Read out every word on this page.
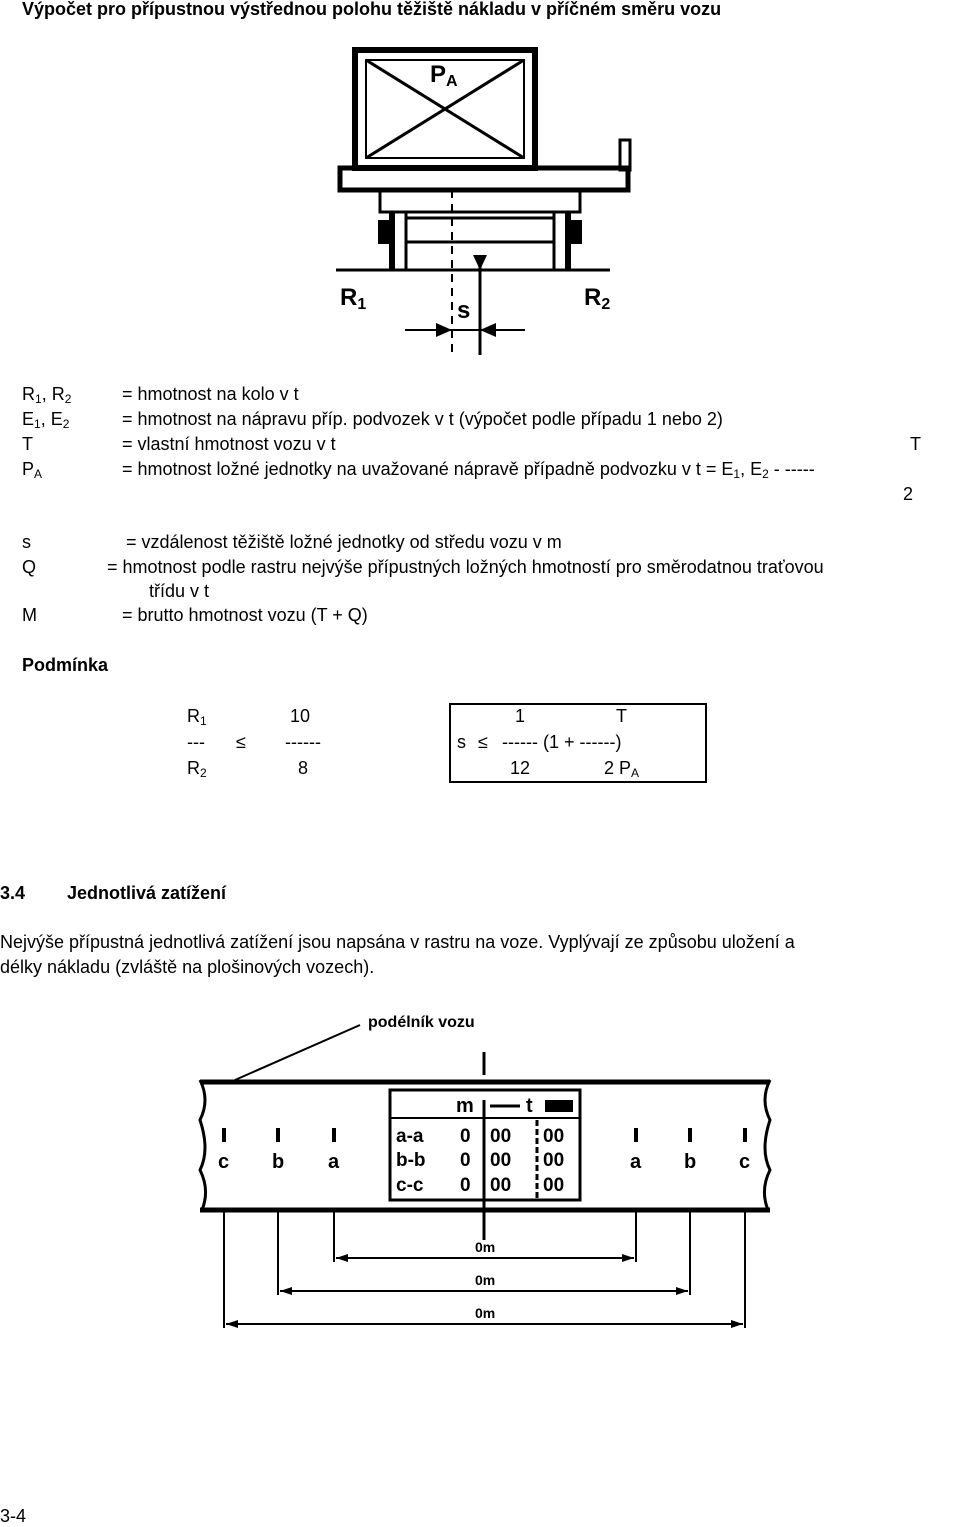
Výpočet pro přípustnou výstřednou polohu těžiště nákladu v příčném směru vozu
PA
R1	R2
s
$R_1$, $R_2$	= hmotnost na kolo v t
$E_1$, $E_2$	= hmotnost na nápravu příp. podvozek v t (výpočet podle případu 1 nebo 2)
T	= vlastní hmotnost vozu v t	T
$P_A$	= hmotnost ložné jednotky na uvažované nápravě případně podvozku v $t = E_1$, $E_2$ - -----
2
s	= vzdálenost těžiště ložné jednotky od středu vozu v m
Q	= hmotnost podle rastru nejvýše přípustných ložných hmotností pro směrodatnou traťovou
třídu v t
M	= brutto hmotnost vozu (T + Q)
Podmínka
$R_1$	10
--- ≤ ------
$R_2$	8
1	T
s ≤ ------ (1 + ------)
12	2 $P_A$
3.4 Jednotlivá zatížení
Nejvýše přípustná jednotlivá zatížení jsou napsána v rastru na voze. Vyplývají ze způsobu uložení a
délky nákladu (zvláště na plošinových vozech).
podélník vozu
m	t
a-a 0 00 00
b-b 0 00 00
c-c 0 00 00
c b a	a b c
0m
0m
0m
3-4
